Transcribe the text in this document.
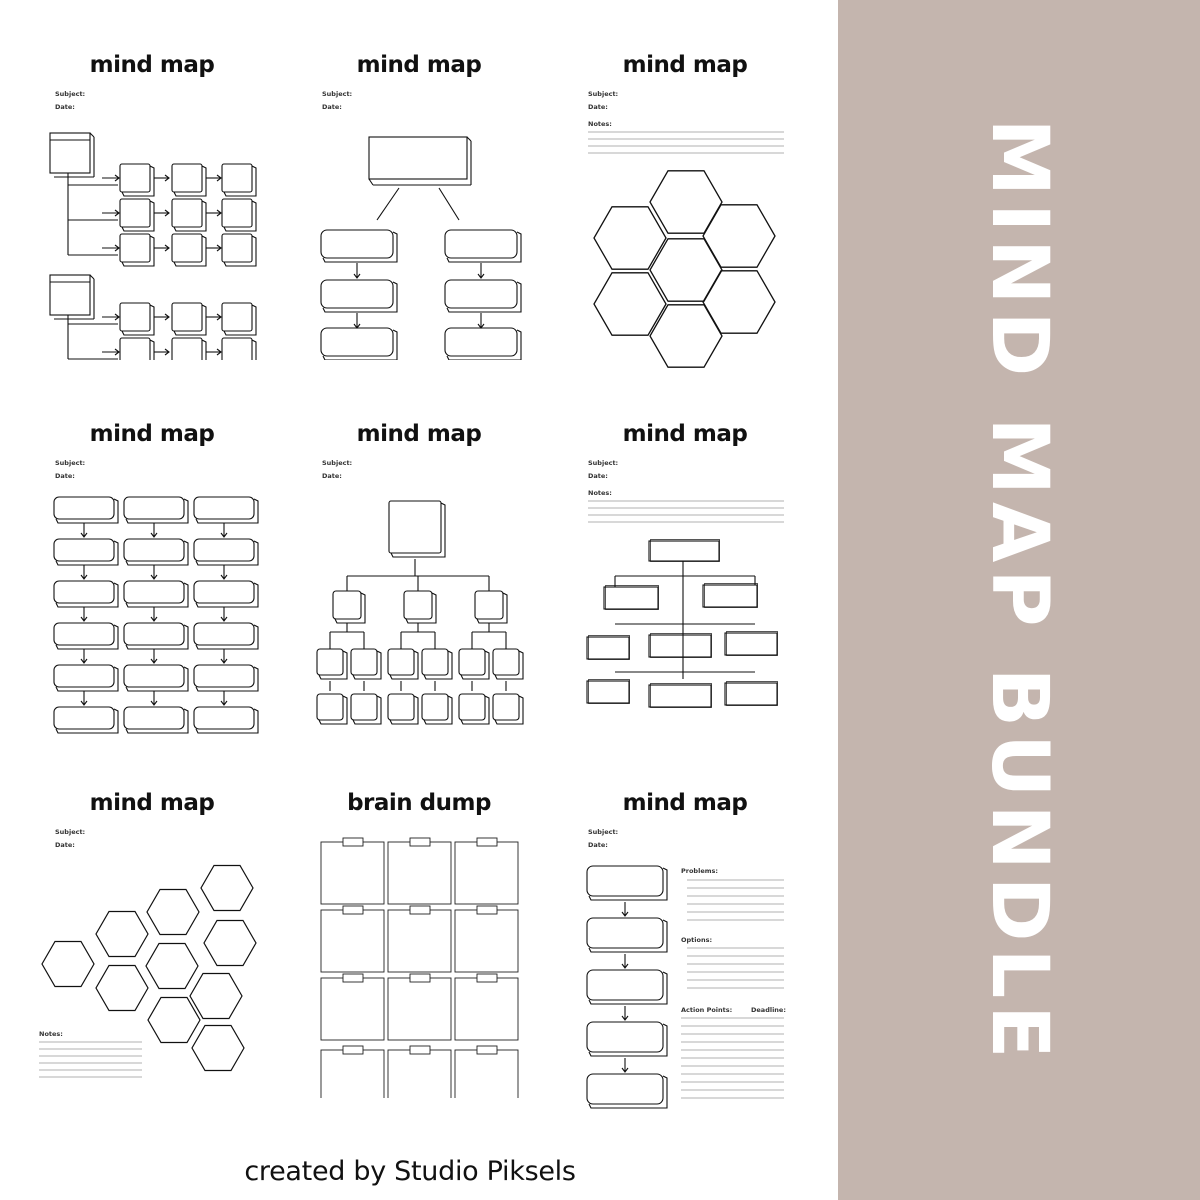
MIND MAP BUNDLE
mind map
Subject:
Date:
mind map
Subject:
Date:
mind map
Subject:
Date:
Notes:
mind map
Subject:
Date:
mind map
Subject:
Date:
mind map
Subject:
Date:
Notes:
mind map
Subject:
Date:
Notes:
brain dump	mind map
Subject:
Date:
Problems:
Options:
Action Points:	Deadline:
created by Studio Piksels
